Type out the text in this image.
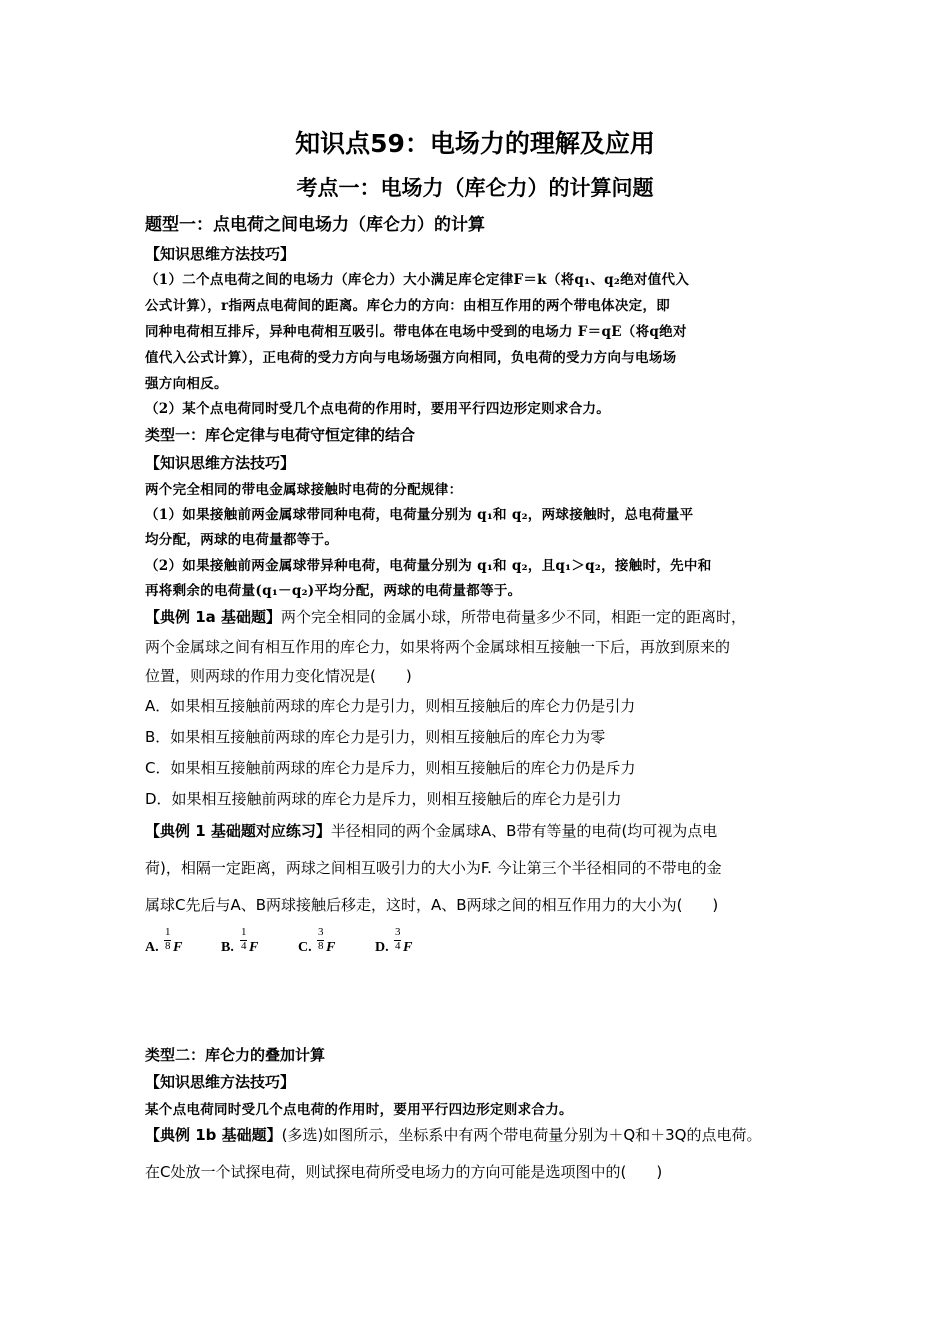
知识点59：电场力的理解及应用
考点一：电场力（库仑力）的计算问题
题型一：点电荷之间电场力（库仑力）的计算
【知识思维方法技巧】
（1）二个点电荷之间的电场力（库仑力）大小满足库仑定律F＝k（将q₁、q₂绝对值代入
公式计算），r指两点电荷间的距离。库仑力的方向：由相互作用的两个带电体决定，即
同种电荷相互排斥，异种电荷相互吸引。带电体在电场中受到的电场力 F＝qE（将q绝对
值代入公式计算），正电荷的受力方向与电场场强方向相同，负电荷的受力方向与电场场
强方向相反。
（2）某个点电荷同时受几个点电荷的作用时，要用平行四边形定则求合力。
类型一：库仑定律与电荷守恒定律的结合
【知识思维方法技巧】
两个完全相同的带电金属球接触时电荷的分配规律：
（1）如果接触前两金属球带同种电荷，电荷量分别为 q₁和 q₂，两球接触时，总电荷量平
均分配，两球的电荷量都等于。
（2）如果接触前两金属球带异种电荷，电荷量分别为 q₁和 q₂，且q₁＞q₂，接触时，先中和
再将剩余的电荷量(q₁－q₂)平均分配，两球的电荷量都等于。
【典例 1a 基础题】两个完全相同的金属小球，所带电荷量多少不同，相距一定的距离时，
两个金属球之间有相互作用的库仑力，如果将两个金属球相互接触一下后，再放到原来的
位置，则两球的作用力变化情况是(　　)
A．如果相互接触前两球的库仑力是引力，则相互接触后的库仑力仍是引力
B．如果相互接触前两球的库仑力是引力，则相互接触后的库仑力为零
C．如果相互接触前两球的库仑力是斥力，则相互接触后的库仑力仍是斥力
D．如果相互接触前两球的库仑力是斥力，则相互接触后的库仑力是引力
【典例 1 基础题对应练习】半径相同的两个金属球A、B带有等量的电荷(均可视为点电
荷)，相隔一定距离，两球之间相互吸引力的大小为F. 今让第三个半径相同的不带电的金
属球C先后与A、B两球接触后移走，这时，A、B两球之间的相互作用力的大小为(　　)
A.
1
8 F	B.
1
4 F	C.
3
8 F	D.
3
4 F
类型二：库仑力的叠加计算
【知识思维方法技巧】
某个点电荷同时受几个点电荷的作用时，要用平行四边形定则求合力。
【典例 1b 基础题】(多选)如图所示，坐标系中有两个带电荷量分别为＋Q和＋3Q的点电荷。
在C处放一个试探电荷，则试探电荷所受电场力的方向可能是选项图中的(　　)
